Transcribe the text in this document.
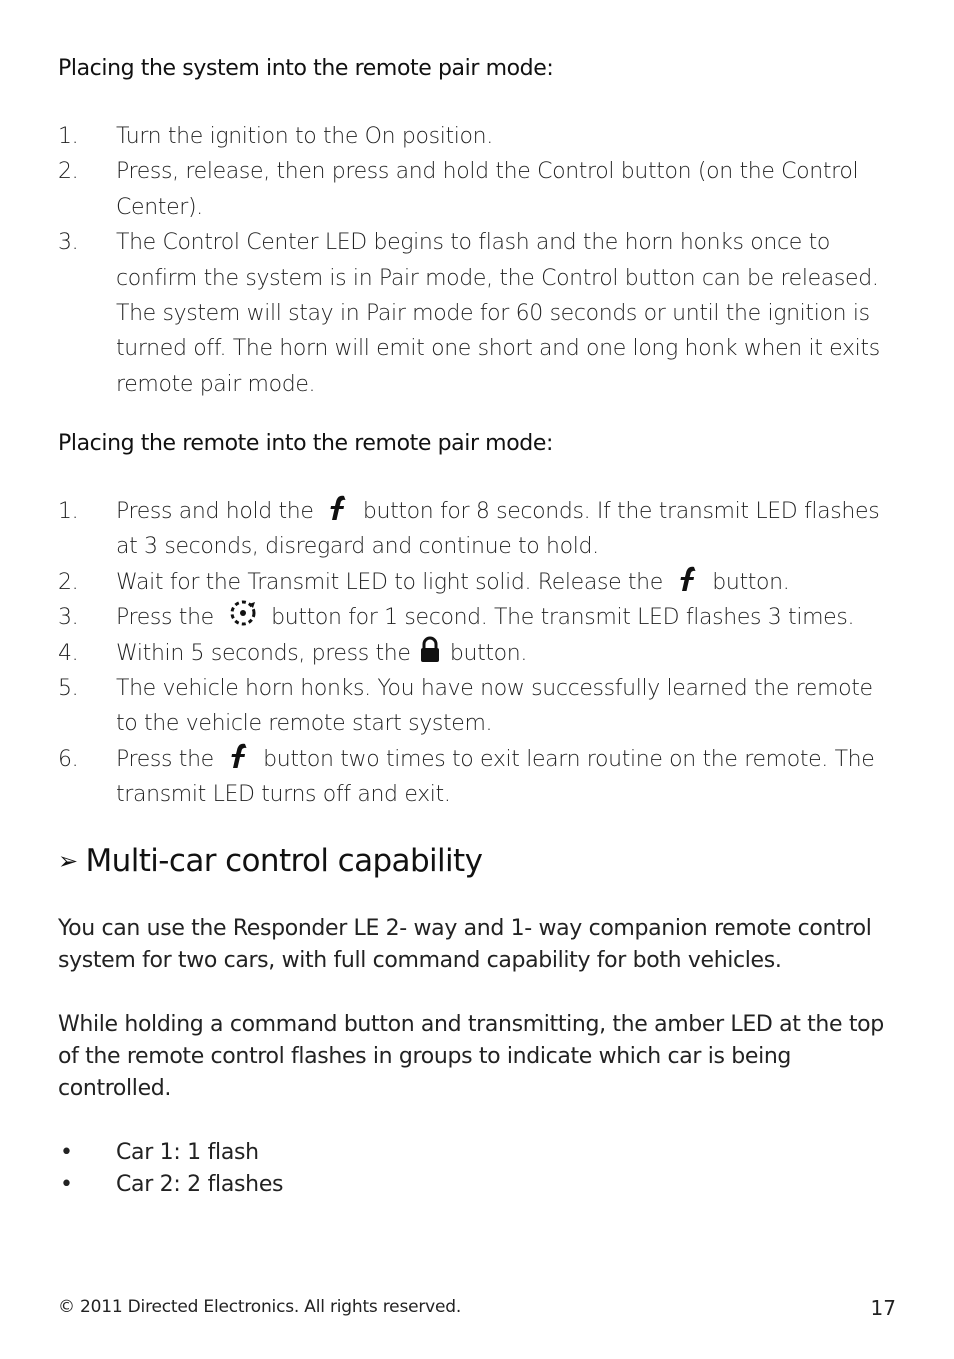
Placing the system into the remote pair mode:
1. Turn the ignition to the On position.
2. Press, release, then press and hold the Control button (on the Control Center).
3. The Control Center LED begins to flash and the horn honks once to confirm the system is in Pair mode, the Control button can be released. The system will stay in Pair mode for 60 seconds or until the ignition is turned off. The horn will emit one short and one long honk when it exits remote pair mode.
Placing the remote into the remote pair mode:
1. Press and hold the button for 8 seconds. If the transmit LED flashes at 3 seconds, disregard and continue to hold.
2. Wait for the Transmit LED to light solid. Release the button.
3. Press the	button for 1 second. The transmit LED flashes 3 times.
4. Within 5 seconds, press the button.
5. The vehicle horn honks. You have now successfully learned the remote to the vehicle remote start system.
6. Press the button two times to exit learn routine on the remote. The transmit LED turns off and exit.
➢ Multi-car control capability

You can use the Responder LE 2- way and 1- way companion remote control system for two cars, with full command capability for both vehicles.

While holding a command button and transmitting, the amber LED at the top of the remote control flashes in groups to indicate which car is being controlled.

• Car 1: 1 flash
• Car 2: 2 flashes
© 2011 Directed Electronics. All rights reserved.	17
